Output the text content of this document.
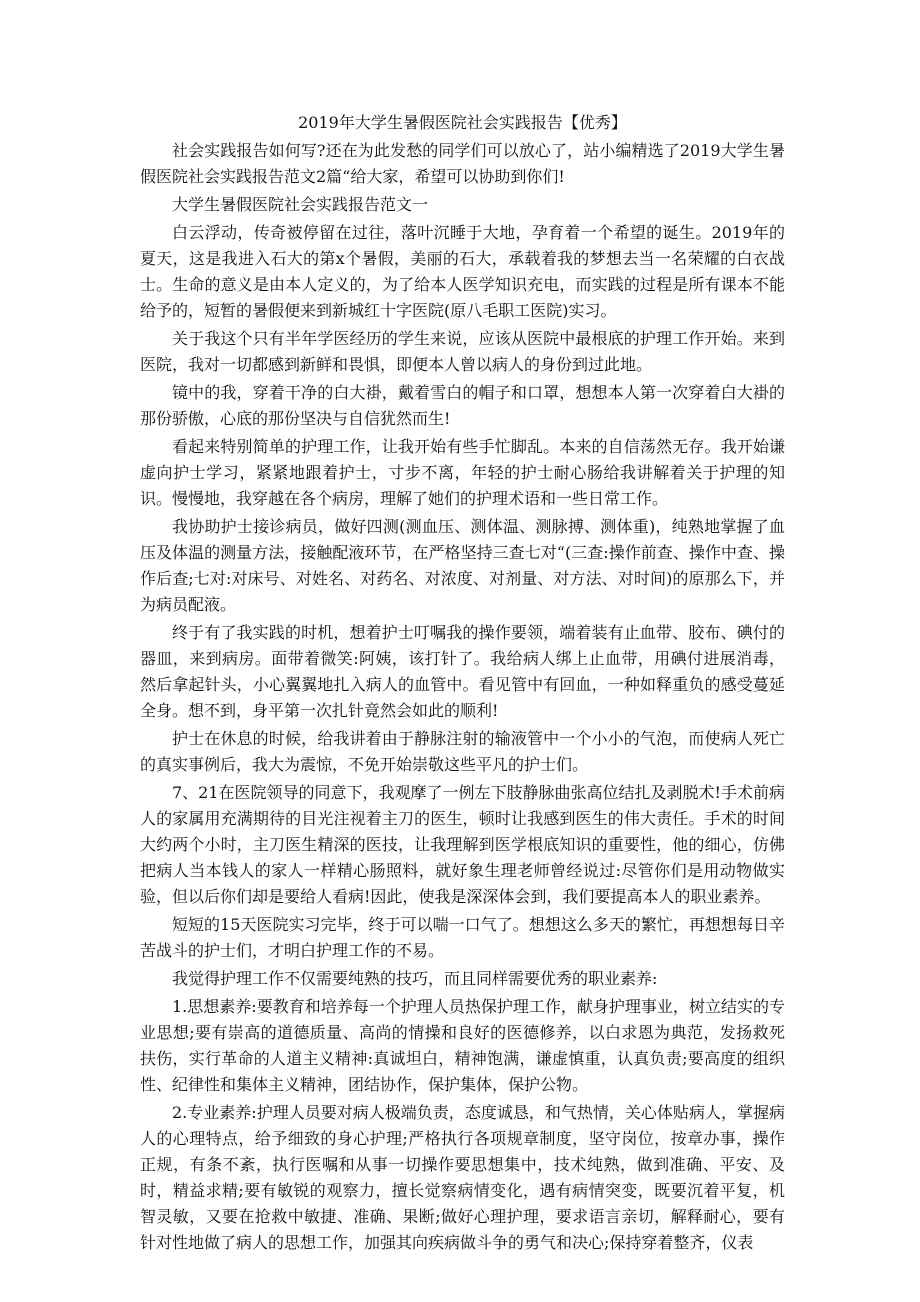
2019年大学生暑假医院社会实践报告【优秀】

社会实践报告如何写?还在为此发愁的同学们可以放心了，站小编精选了2019大学生暑假医院社会实践报告范文2篇“给大家，希望可以协助到你们!

大学生暑假医院社会实践报告范文一

白云浮动，传奇被停留在过往，落叶沉睡于大地，孕育着一个希望的诞生。2019年的夏天，这是我进入石大的第x个暑假，美丽的石大，承载着我的梦想去当一名荣耀的白衣战士。生命的意义是由本人定义的，为了给本人医学知识充电，而实践的过程是所有课本不能给予的，短暂的暑假便来到新城红十字医院(原八毛职工医院)实习。

关于我这个只有半年学医经历的学生来说，应该从医院中最根底的护理工作开始。来到医院，我对一切都感到新鲜和畏惧，即便本人曾以病人的身份到过此地。

镜中的我，穿着干净的白大褂，戴着雪白的帽子和口罩，想想本人第一次穿着白大褂的那份骄傲，心底的那份坚决与自信犹然而生!

看起来特别简单的护理工作，让我开始有些手忙脚乱。本来的自信荡然无存。我开始谦虚向护士学习，紧紧地跟着护士，寸步不离，年轻的护士耐心肠给我讲解着关于护理的知识。慢慢地，我穿越在各个病房，理解了她们的护理术语和一些日常工作。

我协助护士接诊病员，做好四测(测血压、测体温、测脉搏、测体重)，纯熟地掌握了血压及体温的测量方法，接触配液环节，在严格坚持三查七对“(三查:操作前查、操作中查、操作后查;七对:对床号、对姓名、对药名、对浓度、对剂量、对方法、对时间)的原那么下，并为病员配液。

终于有了我实践的时机，想着护士叮嘱我的操作要领，端着装有止血带、胶布、碘付的器皿，来到病房。面带着微笑:阿姨，该打针了。我给病人绑上止血带，用碘付进展消毒，然后拿起针头，小心翼翼地扎入病人的血管中。看见管中有回血，一种如释重负的感受蔓延全身。想不到，身平第一次扎针竟然会如此的顺利!

护士在休息的时候，给我讲着由于静脉注射的输液管中一个小小的气泡，而使病人死亡的真实事例后，我大为震惊，不免开始崇敬这些平凡的护士们。

7、21在医院领导的同意下，我观摩了一例左下肢静脉曲张高位结扎及剥脱术!手术前病人的家属用充满期待的目光注视着主刀的医生，顿时让我感到医生的伟大责任。手术的时间大约两个小时，主刀医生精深的医技，让我理解到医学根底知识的重要性，他的细心，仿佛把病人当本钱人的家人一样精心肠照料，就好象生理老师曾经说过:尽管你们是用动物做实验，但以后你们却是要给人看病!因此，使我是深深体会到，我们要提高本人的职业素养。

短短的15天医院实习完毕，终于可以喘一口气了。想想这么多天的繁忙，再想想每日辛苦战斗的护士们，才明白护理工作的不易。

我觉得护理工作不仅需要纯熟的技巧，而且同样需要优秀的职业素养:

1.思想素养:要教育和培养每一个护理人员热保护理工作，献身护理事业，树立结实的专业思想;要有崇高的道德质量、高尚的情操和良好的医德修养，以白求恩为典范，发扬救死扶伤，实行革命的人道主义精神:真诚坦白，精神饱满，谦虚慎重，认真负责;要高度的组织性、纪律性和集体主义精神，团结协作，保护集体，保护公物。

2.专业素养:护理人员要对病人极端负责，态度诚恳，和气热情，关心体贴病人，掌握病人的心理特点，给予细致的身心护理;严格执行各项规章制度，坚守岗位，按章办事，操作正规，有条不紊，执行医嘱和从事一切操作要思想集中，技术纯熟，做到准确、平安、及时，精益求精;要有敏锐的观察力，擅长觉察病情变化，遇有病情突变，既要沉着平复，机智灵敏，又要在抢救中敏捷、准确、果断;做好心理护理，要求语言亲切，解释耐心，要有针对性地做了病人的思想工作，加强其向疾病做斗争的勇气和决心;保持穿着整齐，仪表
